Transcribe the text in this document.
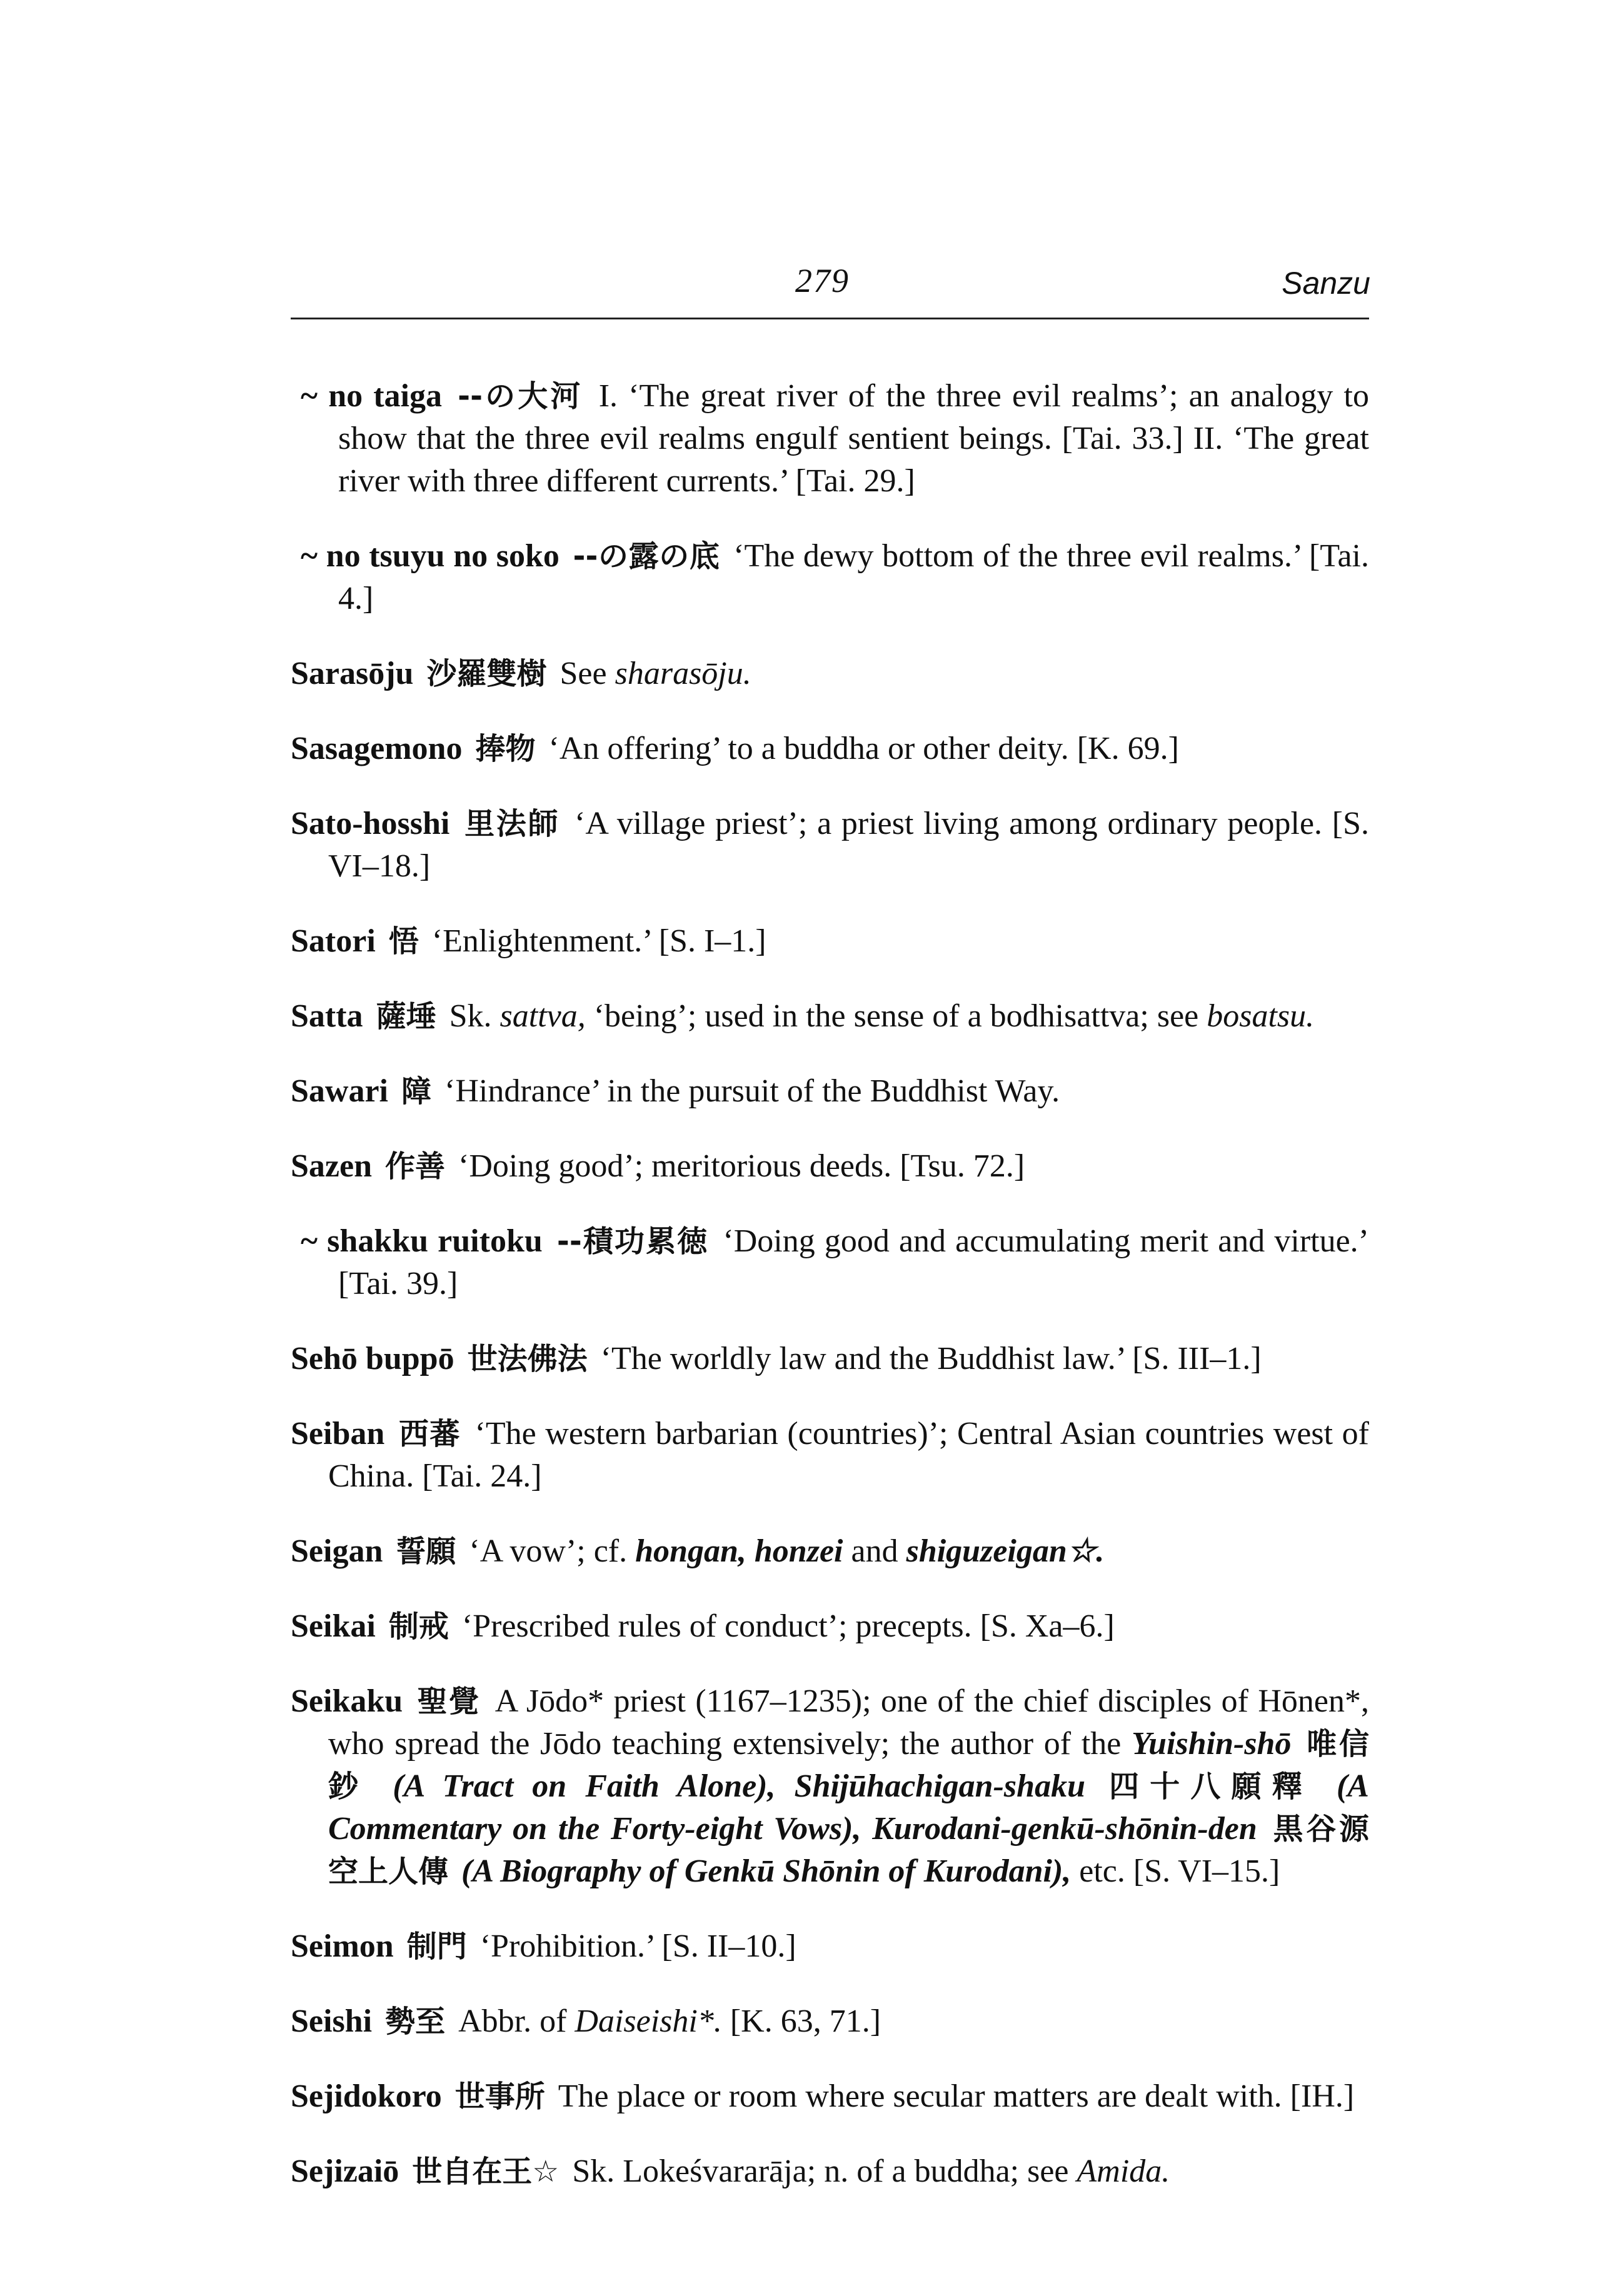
279	Sanzu

~ no taiga --の大河 I. ‘The great river of the three evil realms’; an analogy to show that the three evil realms engulf sentient beings. [Tai. 33.] II. ‘The great river with three different currents.’ [Tai. 29.]

~ no tsuyu no soko --の露の底 ‘The dewy bottom of the three evil realms.’ [Tai. 4.]

Sarasōju 沙羅雙樹 See sharasōju.

Sasagemono 捧物 ‘An offering’ to a buddha or other deity. [K. 69.]

Sato-hosshi 里法師 ‘A village priest’; a priest living among ordinary people. [S. VI–18.]

Satori 悟 ‘Enlightenment.’ [S. I–1.]

Satta 薩埵 Sk. sattva, ‘being’; used in the sense of a bodhisattva; see bosatsu.

Sawari 障 ‘Hindrance’ in the pursuit of the Buddhist Way.

Sazen 作善 ‘Doing good’; meritorious deeds. [Tsu. 72.]

~ shakku ruitoku --積功累徳 ‘Doing good and accumulating merit and virtue.’ [Tai. 39.]

Sehō buppō 世法佛法 ‘The worldly law and the Buddhist law.’ [S. III–1.]

Seiban 西蕃 ‘The western barbarian (countries)’; Central Asian countries west of China. [Tai. 24.]

Seigan 誓願 ‘A vow’; cf. hongan, honzei and shiguzeigan☆.

Seikai 制戒 ‘Prescribed rules of conduct’; precepts. [S. Xa–6.]

Seikaku 聖覺 A Jōdo* priest (1167–1235); one of the chief disciples of Hōnen*, who spread the Jōdo teaching extensively; the author of the Yuishin-shō 唯信鈔 (A Tract on Faith Alone), Shijūhachigan-shaku 四十八願釋 (A Commentary on the Forty-eight Vows), Kurodani-genkū-shōnin-den 黒谷源空上人傳 (A Biography of Genkū Shōnin of Kurodani), etc. [S. VI–15.]

Seimon 制門 ‘Prohibition.’ [S. II–10.]

Seishi 勢至 Abbr. of Daiseishi*. [K. 63, 71.]

Sejidokoro 世事所 The place or room where secular matters are dealt with. [IH.]

Sejizaiō 世自在王☆ Sk. Lokeśvararāja; n. of a buddha; see Amida.
